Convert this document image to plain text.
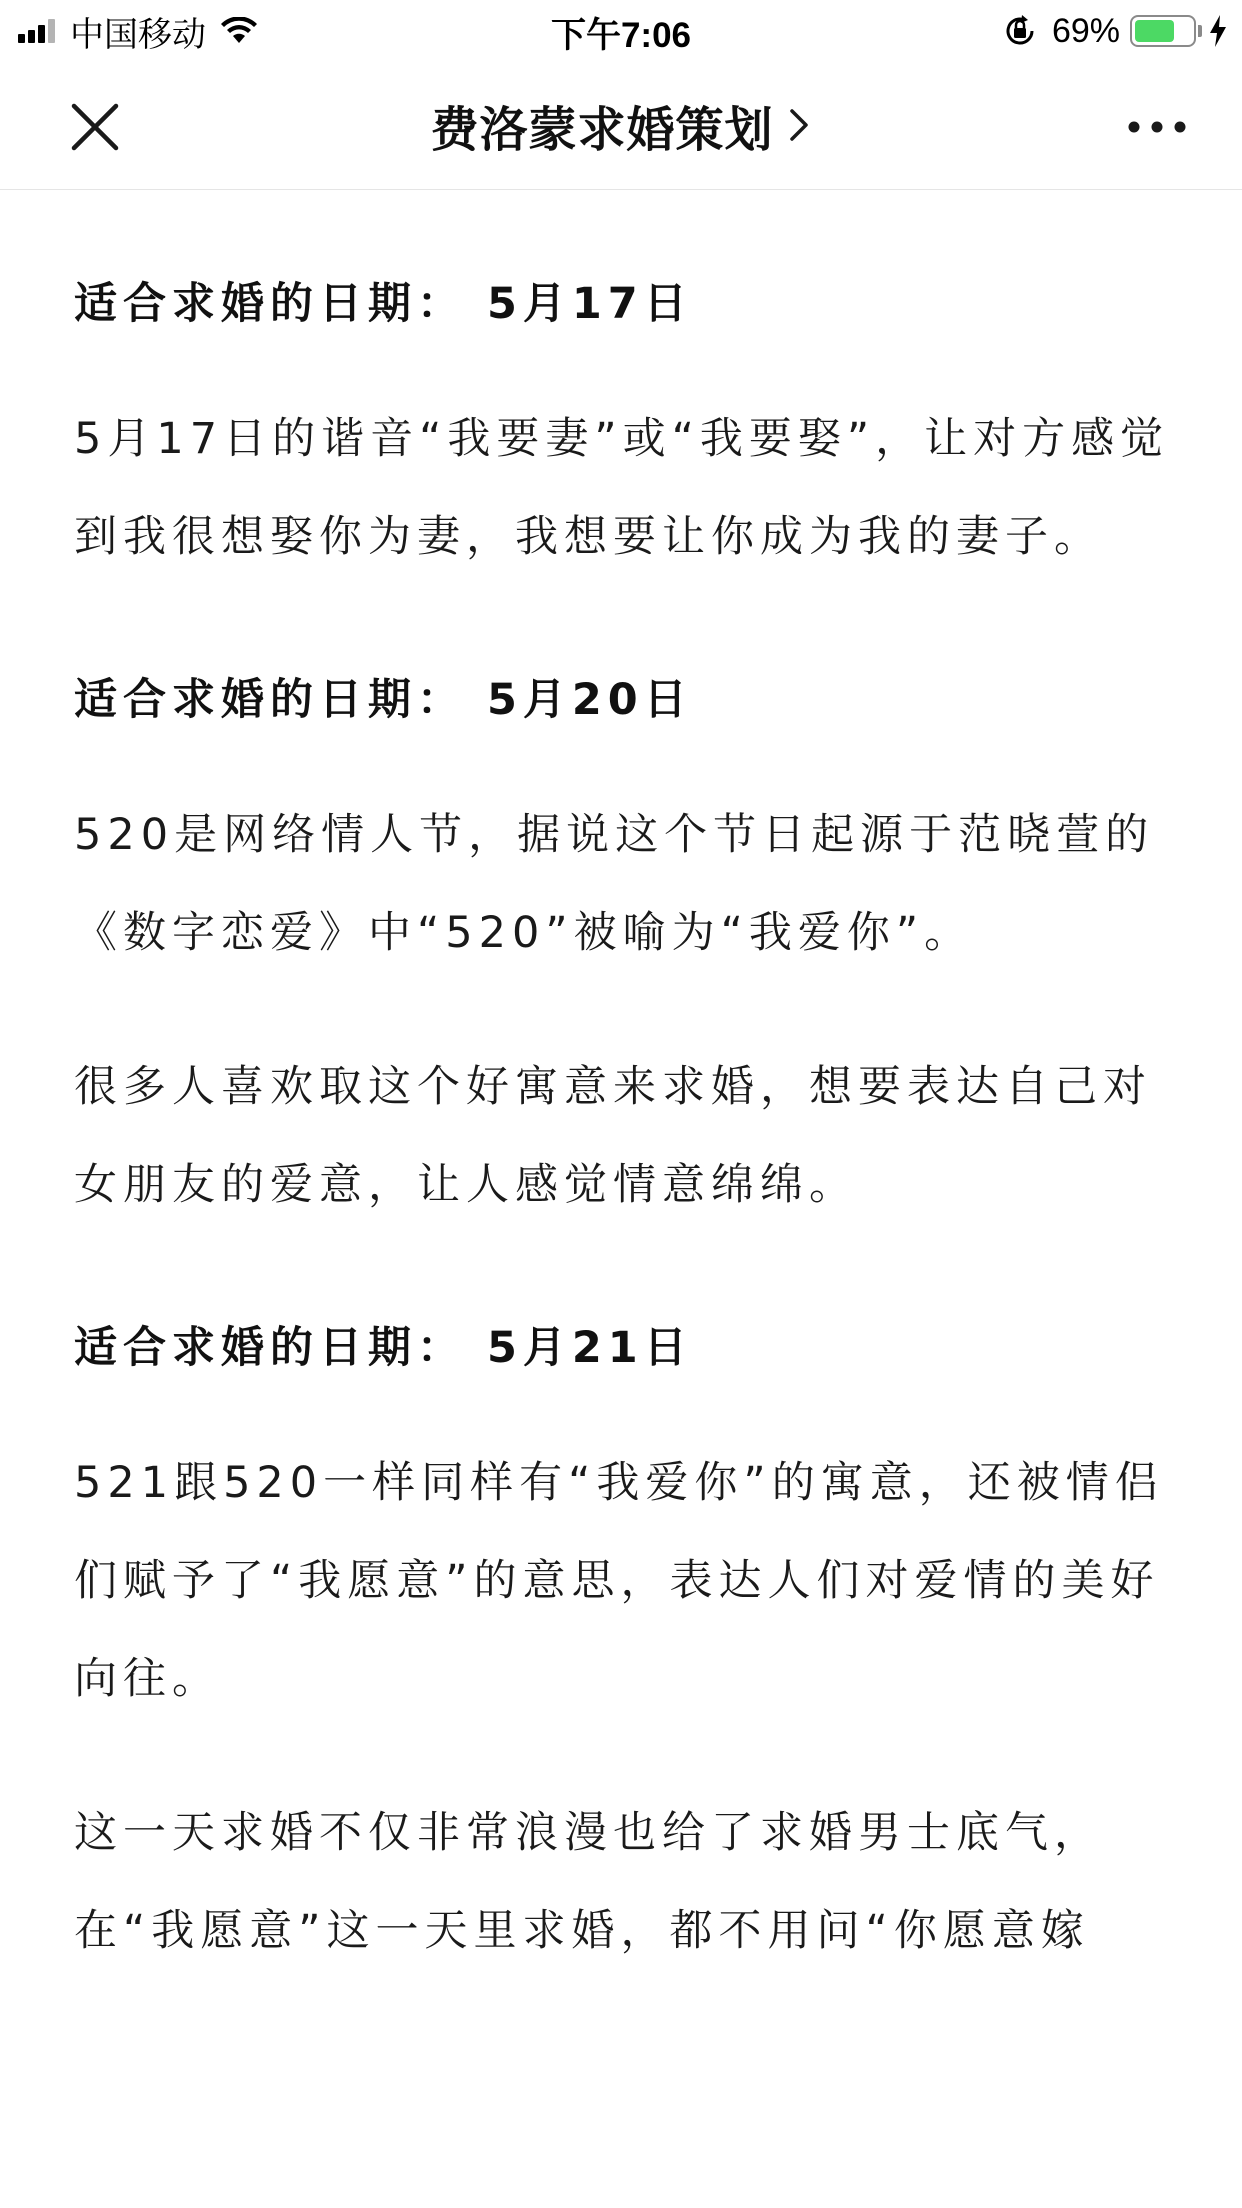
中国移动	下午7:06	69%
费洛蒙求婚策划
适合求婚的日期： 5月17日

5月17日的谐音“我要妻”或“我要娶”，让对方感觉到我很想娶你为妻，我想要让你成为我的妻子。

适合求婚的日期： 5月20日

520是网络情人节，据说这个节日起源于范晓萱的《数字恋爱》中“520”被喻为“我爱你”。

很多人喜欢取这个好寓意来求婚，想要表达自己对女朋友的爱意，让人感觉情意绵绵。

适合求婚的日期： 5月21日

521跟520一样同样有“我爱你”的寓意，还被情侣们赋予了“我愿意”的意思，表达人们对爱情的美好向往。

这一天求婚不仅非常浪漫也给了求婚男士底气，在“我愿意”这一天里求婚，都不用问“你愿意嫁
